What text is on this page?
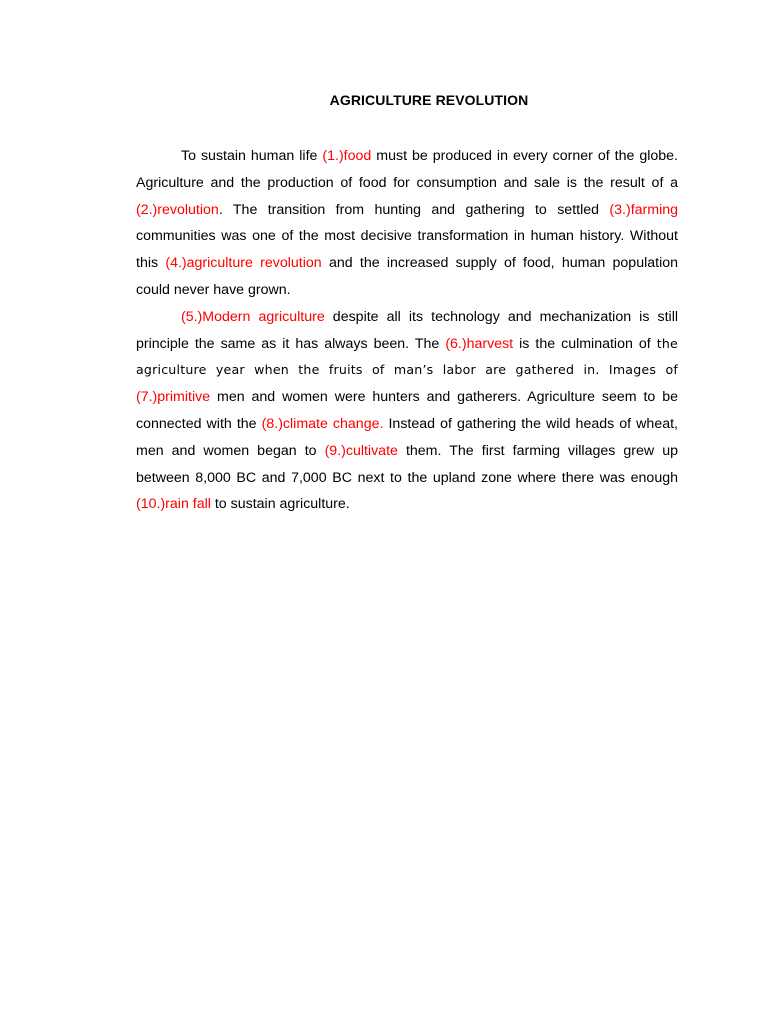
AGRICULTURE REVOLUTION

To sustain human life (1.)food must be produced in every corner of the globe. Agriculture and the production of food for consumption and sale is the result of a (2.)revolution. The transition from hunting and gathering to settled (3.)farming communities was one of the most decisive transformation in human history. Without this (4.)agriculture revolution and the increased supply of food, human population could never have grown.

(5.)Modern agriculture despite all its technology and mechanization is still principle the same as it has always been. The (6.)harvest is the culmination of the agriculture year when the fruits of man’s labor are gathered in. Images of (7.)primitive men and women were hunters and gatherers. Agriculture seem to be connected with the (8.)climate change. Instead of gathering the wild heads of wheat, men and women began to (9.)cultivate them. The first farming villages grew up between 8,000 BC and 7,000 BC next to the upland zone where there was enough (10.)rain fall to sustain agriculture.
